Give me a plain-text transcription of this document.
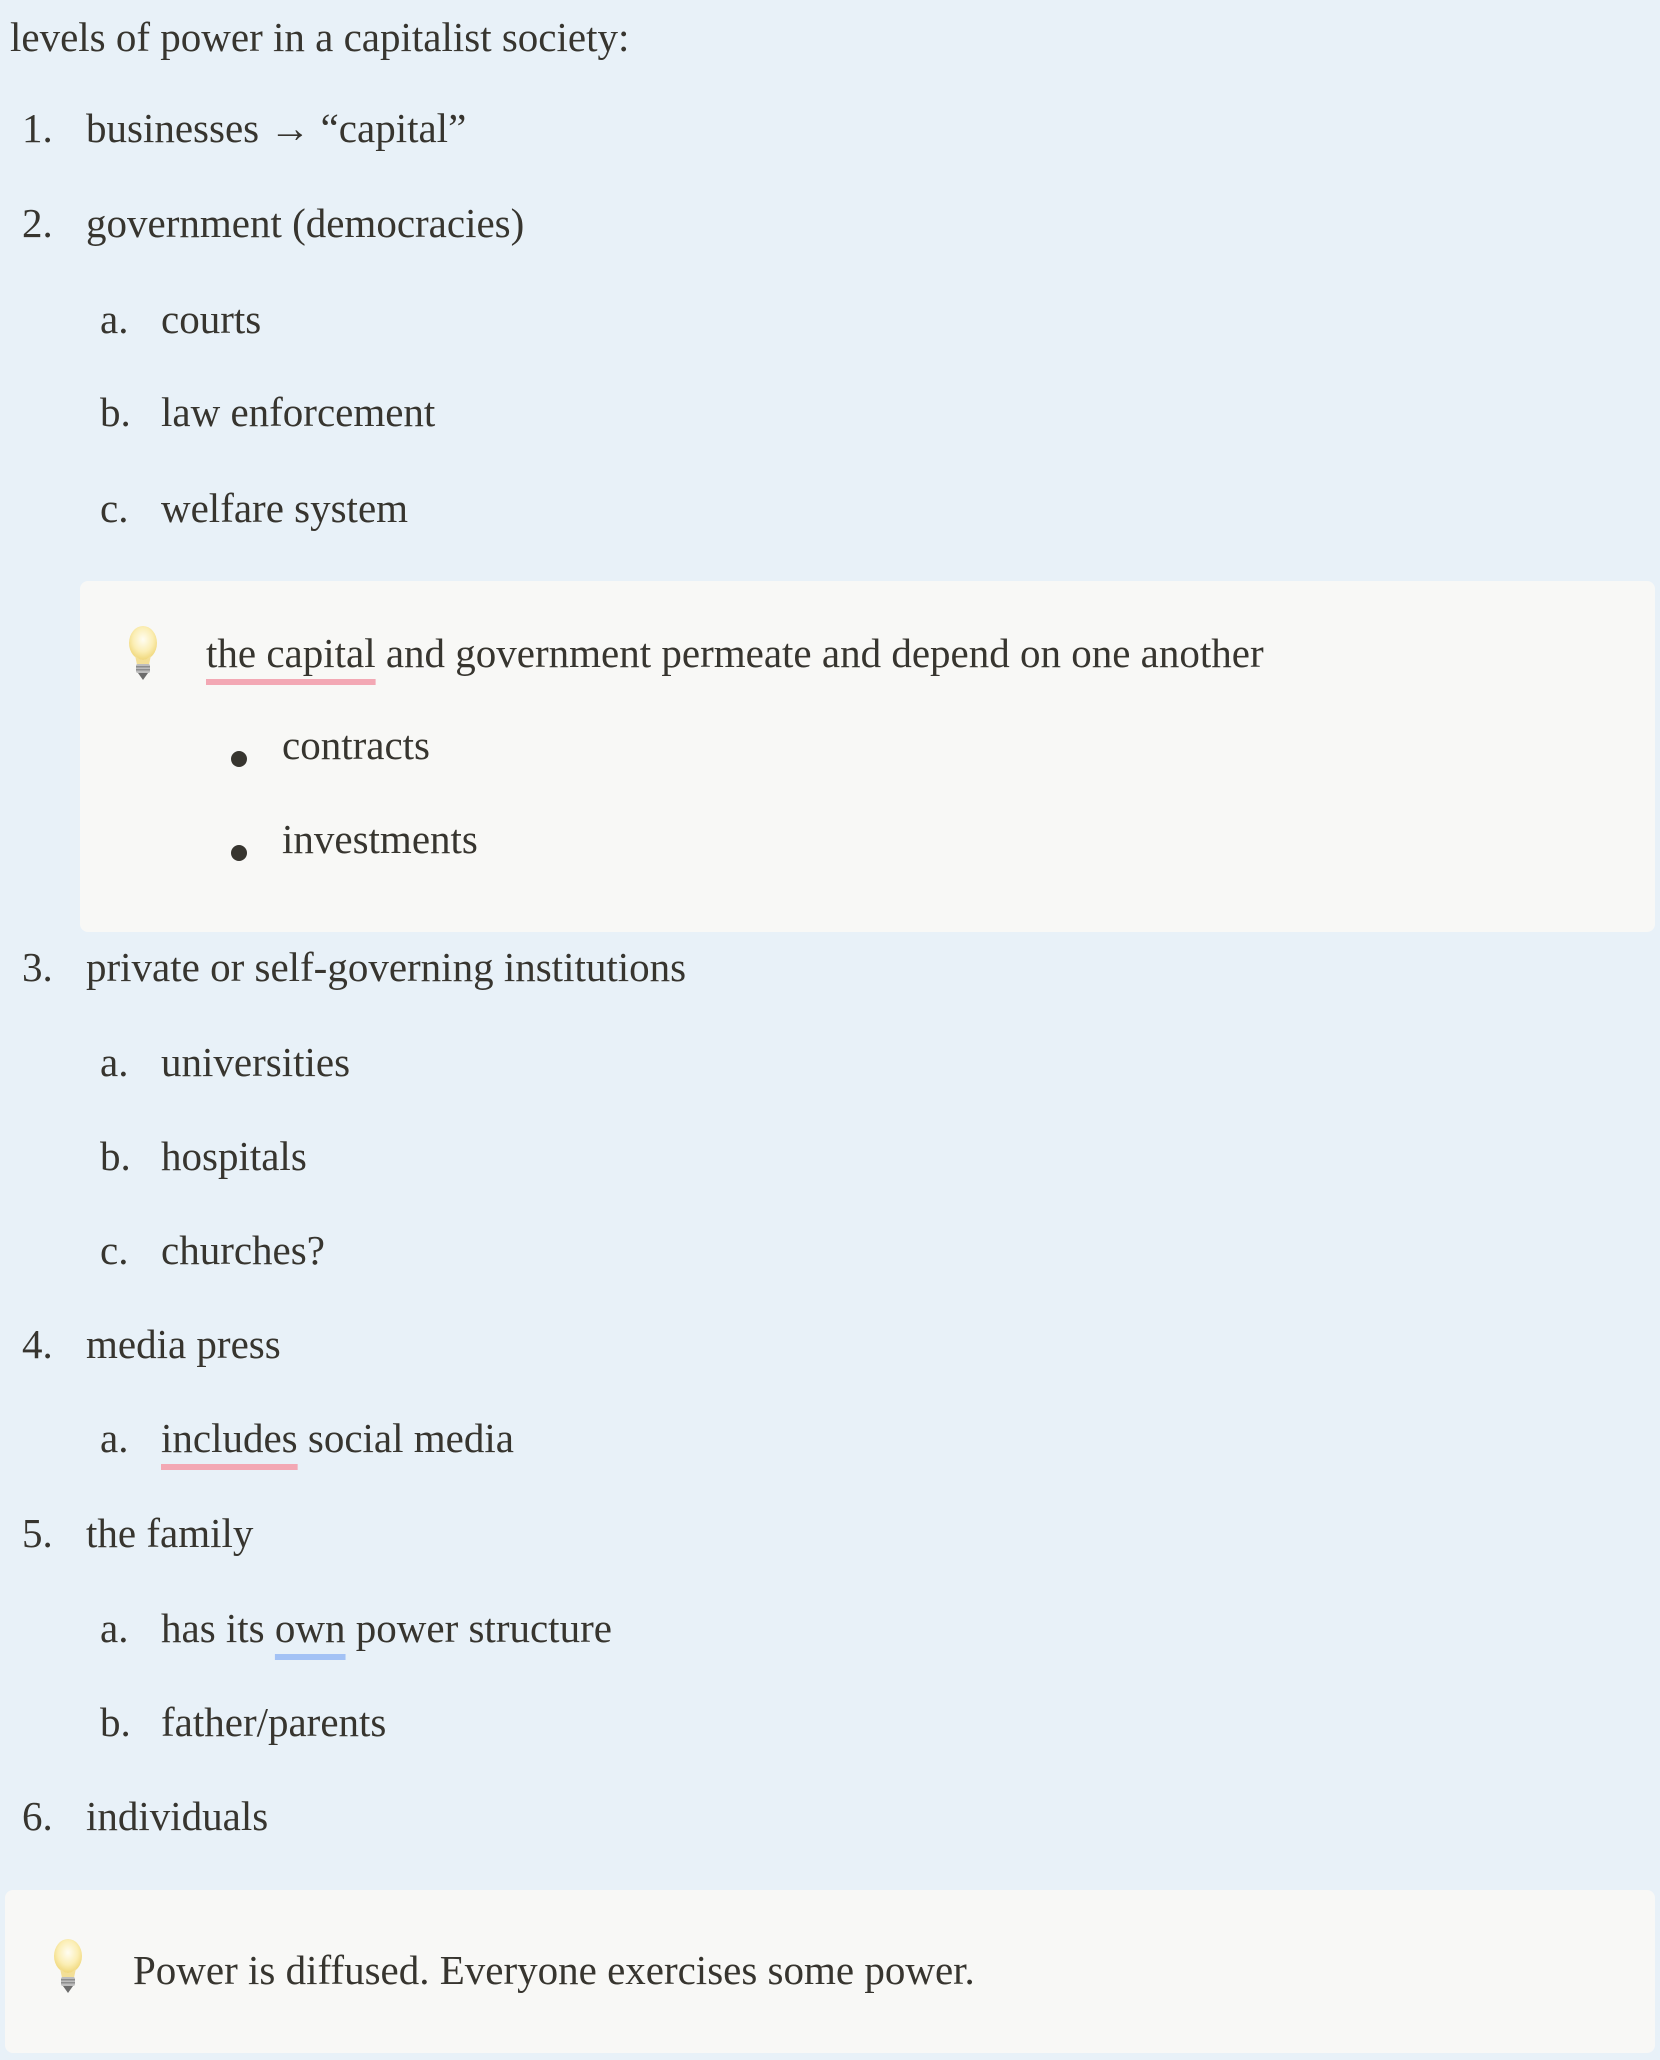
levels of power in a capitalist society:
1. businesses → “capital”
2. government (democracies)
a. courts
b. law enforcement
c. welfare system
the capital and government permeate and depend on one another
contracts
investments
3. private or self-governing institutions
a. universities
b. hospitals
c. churches?
4. media press
a. includes social media
5. the family
a. has its own power structure
b. father/parents
6. individuals
Power is diffused. Everyone exercises some power.
